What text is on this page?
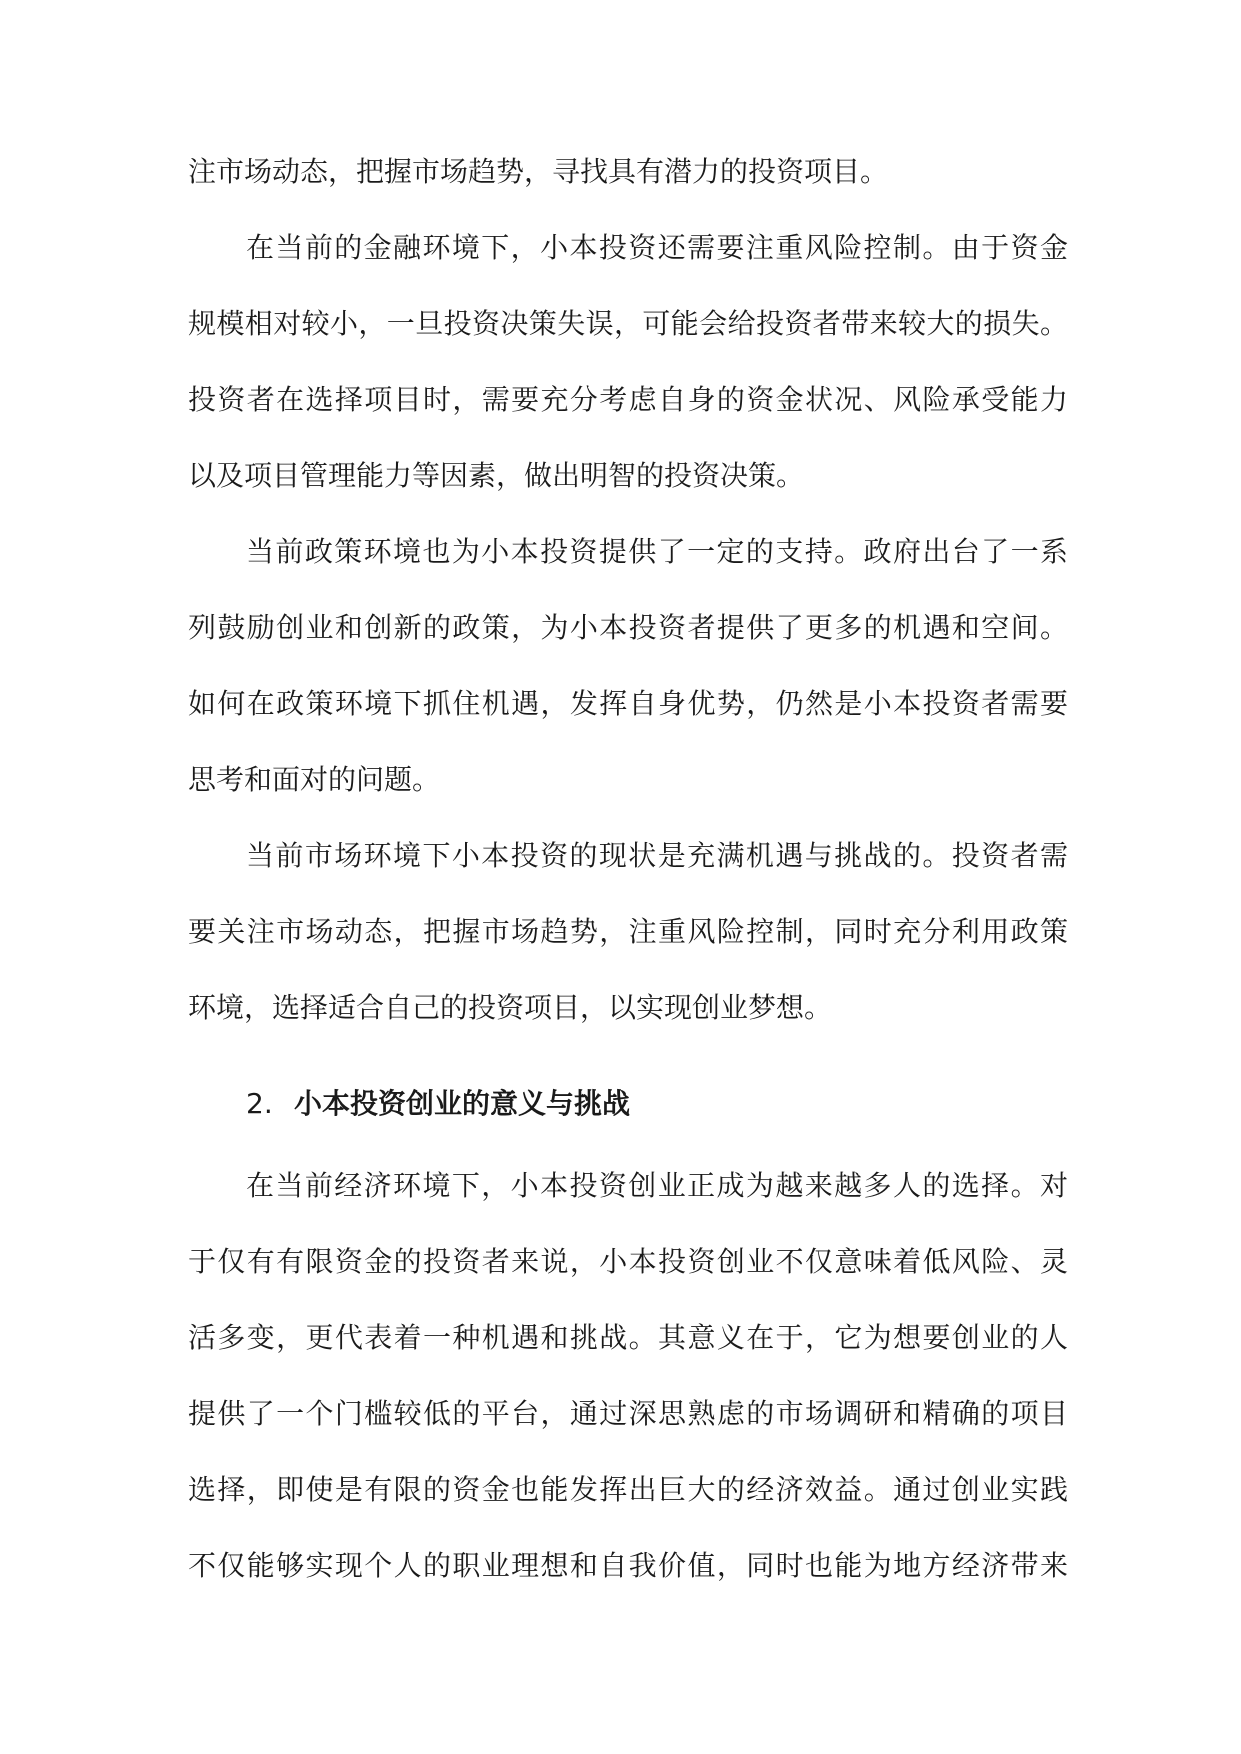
注市场动态，把握市场趋势，寻找具有潜力的投资项目。
在当前的金融环境下，小本投资还需要注重风险控制。由于资金
规模相对较小，一旦投资决策失误，可能会给投资者带来较大的损失。
投资者在选择项目时，需要充分考虑自身的资金状况、风险承受能力
以及项目管理能力等因素，做出明智的投资决策。
当前政策环境也为小本投资提供了一定的支持。政府出台了一系
列鼓励创业和创新的政策，为小本投资者提供了更多的机遇和空间。
如何在政策环境下抓住机遇，发挥自身优势，仍然是小本投资者需要
思考和面对的问题。
当前市场环境下小本投资的现状是充满机遇与挑战的。投资者需
要关注市场动态，把握市场趋势，注重风险控制，同时充分利用政策
环境，选择适合自己的投资项目，以实现创业梦想。
2. 小本投资创业的意义与挑战
在当前经济环境下，小本投资创业正成为越来越多人的选择。对
于仅有有限资金的投资者来说，小本投资创业不仅意味着低风险、灵
活多变，更代表着一种机遇和挑战。其意义在于，它为想要创业的人
提供了一个门槛较低的平台，通过深思熟虑的市场调研和精确的项目
选择，即使是有限的资金也能发挥出巨大的经济效益。通过创业实践
不仅能够实现个人的职业理想和自我价值，同时也能为地方经济带来
